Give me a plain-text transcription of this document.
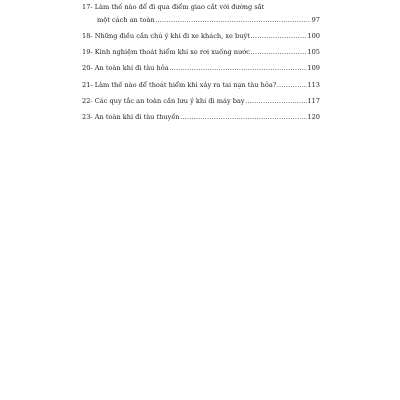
17- Làm thế nào để đi qua điểm giao cắt với đường sắt
một cách an toàn .....	97
18- Những điều cần chú ý khi đi xe khách, xe buýt .....	100
19- Kinh nghiệm thoát hiểm khi xe rơi xuống nước .....	105
20- An toàn khi đi tàu hỏa .....	109
21- Làm thế nào để thoát hiểm khi xảy ra tai nạn tàu hỏa? .....	113
22- Các quy tắc an toàn cần lưu ý khi đi máy bay .....	117
23- An toàn khi đi tàu thuyền .....	120
